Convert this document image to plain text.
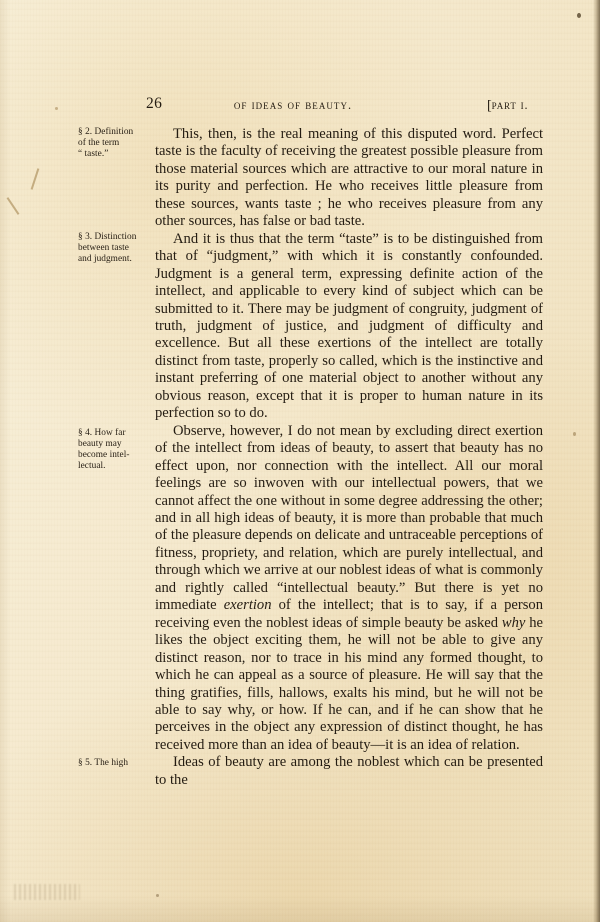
26	of ideas of beauty.	[part i.
§ 2. Definition
of the term
“ taste.”
§ 3. Distinction
between taste
and judgment.
§ 4. How far
beauty may
become intel-
lectual.
§ 5. The high

This, then, is the real meaning of this disputed word. Perfect taste is the faculty of receiving the greatest possible pleasure from those material sources which are attractive to our moral nature in its purity and perfection. He who receives little pleasure from these sources, wants taste ; he who receives pleasure from any other sources, has false or bad taste.

And it is thus that the term “taste” is to be distinguished from that of “judgment,” with which it is constantly confounded. Judgment is a general term, expressing definite action of the intellect, and applicable to every kind of subject which can be submitted to it. There may be judgment of congruity, judgment of truth, judgment of justice, and judgment of difficulty and excellence. But all these exertions of the intellect are totally distinct from taste, properly so called, which is the instinctive and instant preferring of one material object to another without any obvious reason, except that it is proper to human nature in its perfection so to do.

Observe, however, I do not mean by excluding direct exertion of the intellect from ideas of beauty, to assert that beauty has no effect upon, nor connection with the intellect. All our moral feelings are so inwoven with our intellectual powers, that we cannot affect the one without in some degree addressing the other; and in all high ideas of beauty, it is more than probable that much of the pleasure depends on delicate and untraceable perceptions of fitness, propriety, and relation, which are purely intellectual, and through which we arrive at our noblest ideas of what is commonly and rightly called “intellectual beauty.” But there is yet no immediate exertion of the intellect; that is to say, if a person receiving even the noblest ideas of simple beauty be asked why he likes the object exciting them, he will not be able to give any distinct reason, nor to trace in his mind any formed thought, to which he can appeal as a source of pleasure. He will say that the thing gratifies, fills, hallows, exalts his mind, but he will not be able to say why, or how. If he can, and if he can show that he perceives in the object any expression of distinct thought, he has received more than an idea of beauty—it is an idea of relation.

Ideas of beauty are among the noblest which can be presented to the
